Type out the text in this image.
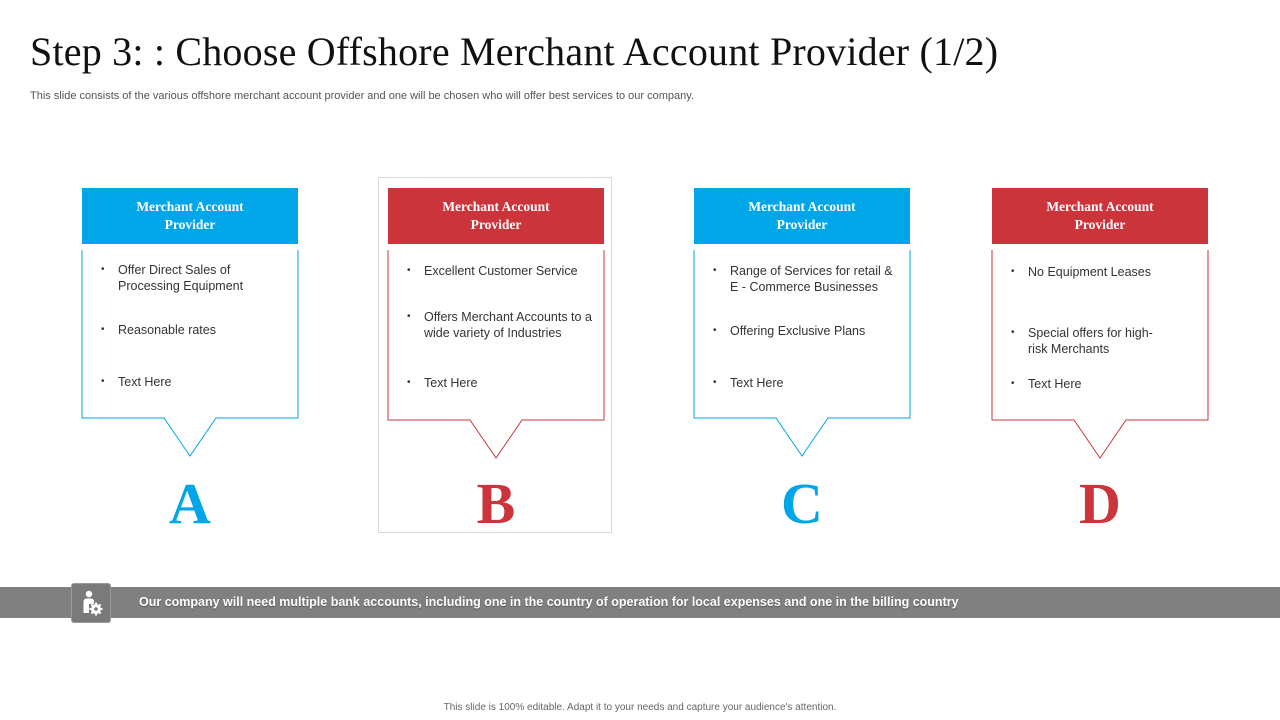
Step 3: : Choose Offshore Merchant Account Provider (1/2)
This slide consists of the various offshore merchant account provider and one will be chosen who will offer best services to our company.
Merchant Account Provider
• Offer Direct Sales of Processing Equipment
• Reasonable rates
• Text Here
A
Merchant Account Provider
• Excellent Customer Service
• Offers Merchant Accounts to a wide variety of Industries
• Text Here
B
Merchant Account Provider
• Range of Services for retail & E - Commerce Businesses
• Offering Exclusive Plans
• Text Here
C
Merchant Account Provider
• No Equipment Leases
• Special offers for high-risk Merchants
• Text Here
D
Our company will need multiple bank accounts, including one in the country of operation for local expenses and one in the billing country
This slide is 100% editable. Adapt it to your needs and capture your audience's attention.
